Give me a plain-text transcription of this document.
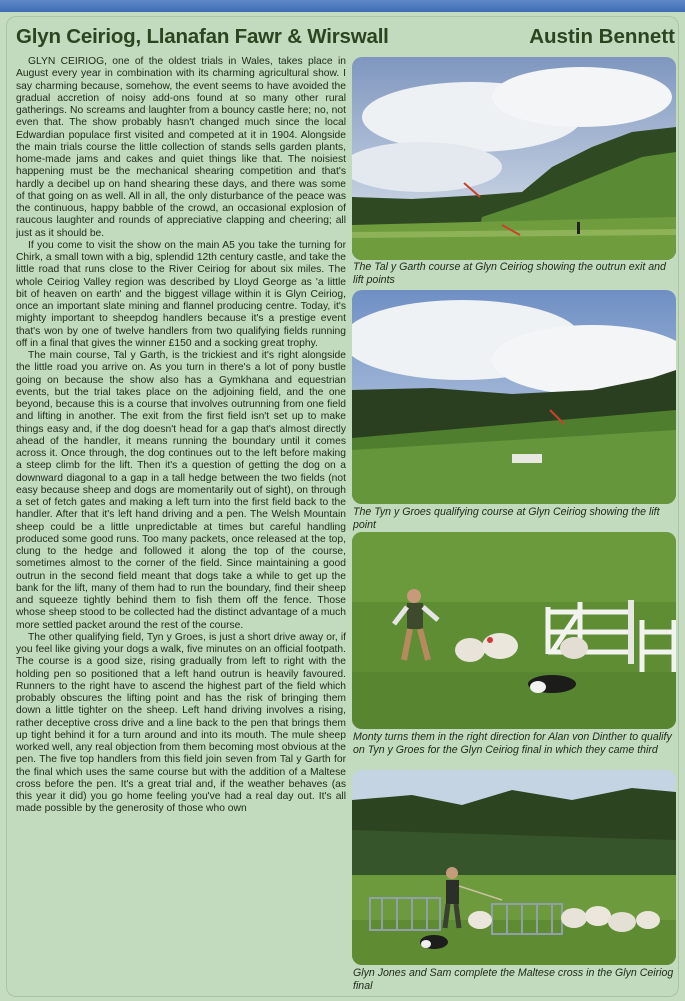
Glyn Ceiriog, Llanafan Fawr & Wirswall	Austin Bennett

GLYN CEIRIOG, one of the oldest trials in Wales, takes place in August every year in combination with its charming agricultural show. I say charming because, somehow, the event seems to have avoided the gradual accretion of noisy add-ons found at so many other rural gatherings. No screams and laughter from a bouncy castle here; no, not even that. The show probably hasn't changed much since the local Edwardian populace first visited and competed at it in 1904. Alongside the main trials course the little collection of stands sells garden plants, home-made jams and cakes and quiet things like that. The noisiest happening must be the mechanical shearing competition and that's hardly a decibel up on hand shearing these days, and there was some of that going on as well. All in all, the only disturbance of the peace was the continuous, happy babble of the crowd, an occasional explosion of raucous laughter and rounds of appreciative clapping and cheering; all just as it should be.

If you come to visit the show on the main A5 you take the turning for Chirk, a small town with a big, splendid 12th century castle, and take the little road that runs close to the River Ceiriog for about six miles. The whole Ceiriog Valley region was described by Lloyd George as 'a little bit of heaven on earth' and the biggest village within it is Glyn Ceiriog, once an important slate mining and flannel producing centre. Today, it's mighty important to sheepdog handlers because it's a prestige event that's won by one of twelve handlers from two qualifying fields running off in a final that gives the winner £150 and a socking great trophy.

The main course, Tal y Garth, is the trickiest and it's right alongside the little road you arrive on. As you turn in there's a lot of pony bustle going on because the show also has a Gymkhana and equestrian events, but the trial takes place on the adjoining field, and the one beyond, because this is a course that involves outrunning from one field and lifting in another. The exit from the first field isn't set up to make things easy and, if the dog doesn't head for a gap that's almost directly ahead of the handler, it means running the boundary until it comes across it. Once through, the dog continues out to the left before making a steep climb for the lift. Then it's a question of getting the dog on a downward diagonal to a gap in a tall hedge between the two fields (not easy because sheep and dogs are momentarily out of sight), on through a set of fetch gates and making a left turn into the first field back to the handler. After that it's left hand driving and a pen. The Welsh Mountain sheep could be a little unpredictable at times but careful handling produced some good runs. Too many packets, once released at the top, clung to the hedge and followed it along the top of the course, sometimes almost to the corner of the field. Since maintaining a good outrun in the second field meant that dogs take a while to get up the bank for the lift, many of them had to run the boundary, find their sheep and squeeze tightly behind them to fish them off the fence. Those whose sheep stood to be collected had the distinct advantage of a much more settled packet around the rest of the course.

The other qualifying field, Tyn y Groes, is just a short drive away or, if you feel like giving your dogs a walk, five minutes on an official footpath. The course is a good size, rising gradually from left to right with the holding pen so positioned that a left hand outrun is heavily favoured. Runners to the right have to ascend the highest part of the field which probably obscures the lifting point and has the risk of bringing them down a little tighter on the sheep. Left hand driving involves a rising, rather deceptive cross drive and a line back to the pen that brings them up tight behind it for a turn around and into its mouth. The mule sheep worked well, any real objection from them becoming most obvious at the pen. The five top handlers from this field join seven from Tal y Garth for the final which uses the same course but with the addition of a Maltese cross before the pen. It's a great trial and, if the weather behaves (as this year it did) you go home feeling you've had a real day out. It's all made possible by the generosity of those who own

The Tal y Garth course at Glyn Ceiriog showing the outrun exit and lift points
The Tyn y Groes qualifying course at Glyn Ceiriog showing the lift point
Monty turns them in the right direction for Alan von Dinther to qualify on Tyn y Groes for the Glyn Ceiriog final in which they came third
Glyn Jones and Sam complete the Maltese cross in the Glyn Ceiriog final
